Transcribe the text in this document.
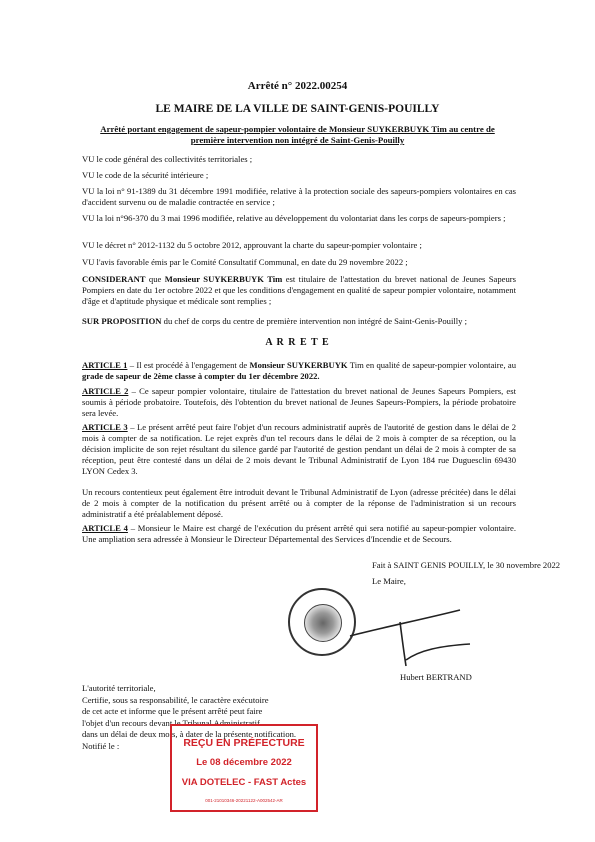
Arrêté n° 2022.00254
LE MAIRE DE LA VILLE DE SAINT-GENIS-POUILLY
Arrêté portant engagement de sapeur-pompier volontaire de Monsieur SUYKERBUYK Tim au centre de
première intervention non intégré de Saint-Genis-Pouilly
VU le code général des collectivités territoriales ;
VU le code de la sécurité intérieure ;
VU la loi n° 91-1389 du 31 décembre 1991 modifiée, relative à la protection sociale des sapeurs-pompiers volontaires en cas d'accident survenu ou de maladie contractée en service ;
VU la loi n°96-370 du 3 mai 1996 modifiée, relative au développement du volontariat dans les corps de sapeurs-pompiers ;
VU le décret n° 2012-1132 du 5 octobre 2012, approuvant la charte du sapeur-pompier volontaire ;
VU l'avis favorable émis par le Comité Consultatif Communal, en date du 29 novembre 2022 ;
CONSIDERANT que Monsieur SUYKERBUYK Tim est titulaire de l'attestation du brevet national de Jeunes Sapeurs Pompiers en date du 1er octobre 2022 et que les conditions d'engagement en qualité de sapeur pompier volontaire, notamment d'âge et d'aptitude physique et médicale sont remplies ;
SUR PROPOSITION du chef de corps du centre de première intervention non intégré de Saint-Genis-Pouilly ;
A R R E T E
ARTICLE 1 – Il est procédé à l'engagement de Monsieur SUYKERBUYK Tim en qualité de sapeur-pompier volontaire, au grade de sapeur de 2ème classe à compter du 1er décembre 2022.
ARTICLE 2 – Ce sapeur pompier volontaire, titulaire de l'attestation du brevet national de Jeunes Sapeurs Pompiers, est soumis à période probatoire. Toutefois, dès l'obtention du brevet national de Jeunes Sapeurs-Pompiers, la période probatoire sera levée.
ARTICLE 3 – Le présent arrêté peut faire l'objet d'un recours administratif auprès de l'autorité de gestion dans le délai de 2 mois à compter de sa notification. Le rejet exprès d'un tel recours dans le délai de 2 mois à compter de sa réception, ou la décision implicite de son rejet résultant du silence gardé par l'autorité de gestion pendant un délai de 2 mois à compter de sa réception, peut être contesté dans un délai de 2 mois devant le Tribunal Administratif de Lyon 184 rue Duguesclin 69430 LYON Cedex 3.
Un recours contentieux peut également être introduit devant le Tribunal Administratif de Lyon (adresse précitée) dans le délai de 2 mois à compter de la notification du présent arrêté ou à compter de la réponse de l'administration si un recours administratif a été préalablement déposé.
ARTICLE 4 – Monsieur le Maire est chargé de l'exécution du présent arrêté qui sera notifié au sapeur-pompier volontaire. Une ampliation sera adressée à Monsieur le Directeur Départemental des Services d'Incendie et de Secours.
Fait à SAINT GENIS POUILLY, le 30 novembre 2022
Le Maire,
Hubert BERTRAND
L'autorité territoriale,
Certifie, sous sa responsabilité, le caractère exécutoire
de cet acte et informe que le présent arrêté peut faire
l'objet d'un recours devant le Tribunal Administratif
dans un délai de deux mois, à dater de la présente notification.
Notifié le :	REÇU EN PRÉFECTURE
Le 08 décembre 2022
VIA DOTELEC - FAST Actes
001-21010346-20221122-A002542-AR
